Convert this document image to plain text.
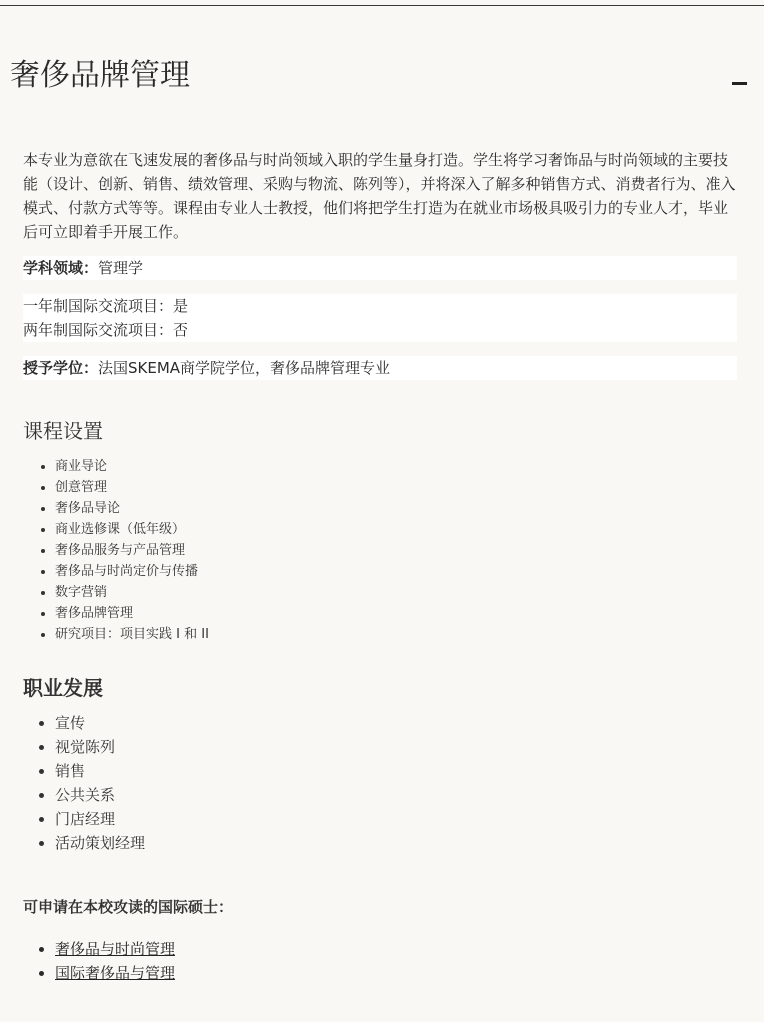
奢侈品牌管理

本专业为意欲在飞速发展的奢侈品与时尚领域入职的学生量身打造。学生将学习奢饰品与时尚领域的主要技能（设计、创新、销售、绩效管理、采购与物流、陈列等），并将深入了解多种销售方式、消费者行为、准入模式、付款方式等等。课程由专业人士教授，他们将把学生打造为在就业市场极具吸引力的专业人才，毕业后可立即着手开展工作。

学科领域：管理学
一年制国际交流项目：是
两年制国际交流项目：否
授予学位：法国SKEMA商学院学位，奢侈品牌管理专业
课程设置
• 商业导论
• 创意管理
• 奢侈品导论
• 商业选修课（低年级）
• 奢侈品服务与产品管理
• 奢侈品与时尚定价与传播
• 数字营销
• 奢侈品牌管理
• 研究项目：项目实践 I 和 II
职业发展
• 宣传
• 视觉陈列
• 销售
• 公共关系
• 门店经理
• 活动策划经理
可申请在本校攻读的国际硕士：
• 奢侈品与时尚管理
• 国际奢侈品与管理
